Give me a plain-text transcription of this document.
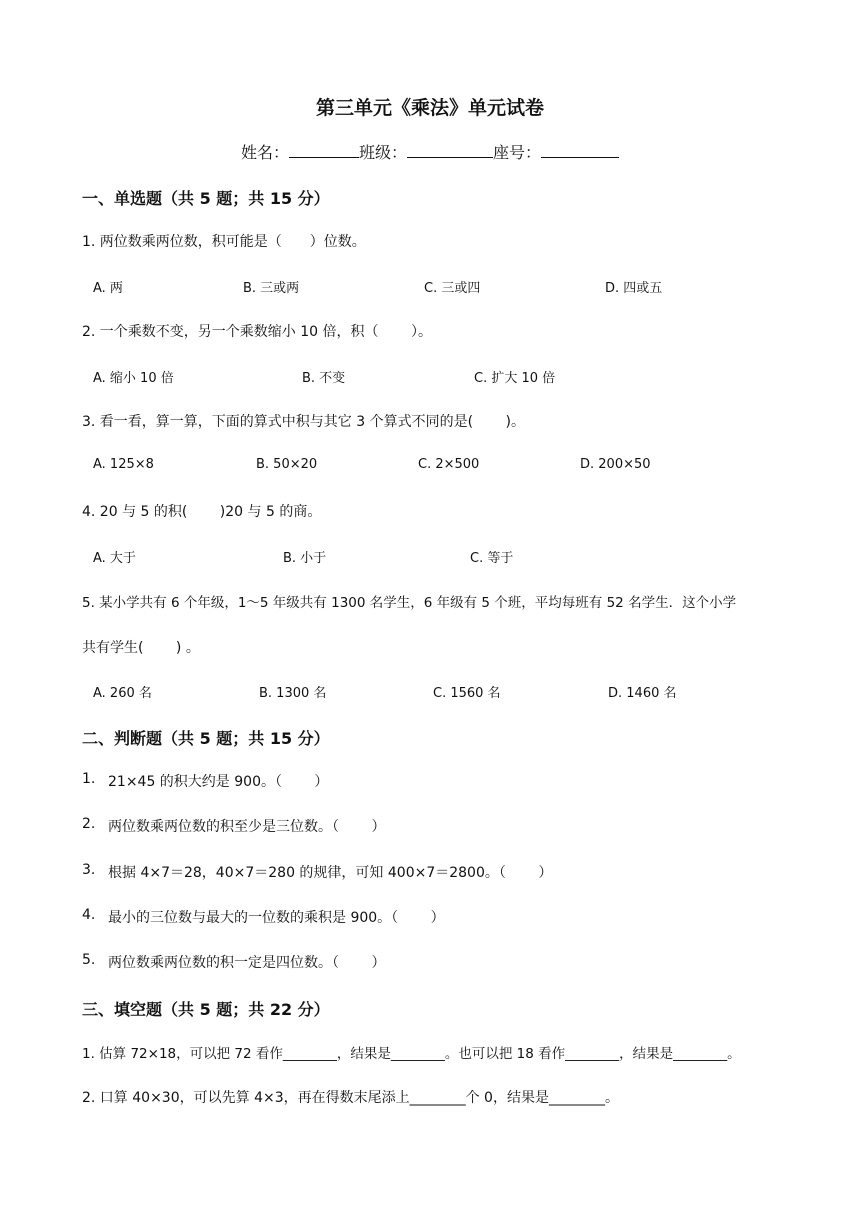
第三单元《乘法》单元试卷
姓名：	班级：	座号：
一、单选题（共 5 题；共 15 分）
1. 两位数乘两位数，积可能是（　　）位数。
A. 两	B. 三或两	C. 三或四	D. 四或五
2. 一个乘数不变，另一个乘数缩小 10 倍，积（　　 ）。
A. 缩小 10 倍	B. 不变	C. 扩大 10 倍
3. 看一看，算一算，下面的算式中积与其它 3 个算式不同的是(　　 )。
A. 125×8	B. 50×20	C. 2×500	D. 200×50
4. 20 与 5 的积(　　 )20 与 5 的商。
A. 大于	B. 小于	C. 等于
5. 某小学共有 6 个年级，1～5 年级共有 1300 名学生，6 年级有 5 个班，平均每班有 52 名学生．这个小学
共有学生(　　 ) 。
A. 260 名	B. 1300 名	C. 1560 名	D. 1460 名
二、判断题（共 5 题；共 15 分）
1. 21×45 的积大约是 900。（　　 ）
2. 两位数乘两位数的积至少是三位数。（　　 ）
3. 根据 4×7＝28，40×7＝280 的规律，可知 400×7＝2800。（　　 ）
4. 最小的三位数与最大的一位数的乘积是 900。（　　 ）
5. 两位数乘两位数的积一定是四位数。（　　 ）
三、填空题（共 5 题；共 22 分）
1. 估算 72×18，可以把 72 看作________，结果是________。也可以把 18 看作________，结果是________。
2. 口算 40×30，可以先算 4×3，再在得数末尾添上________个 0，结果是________。
